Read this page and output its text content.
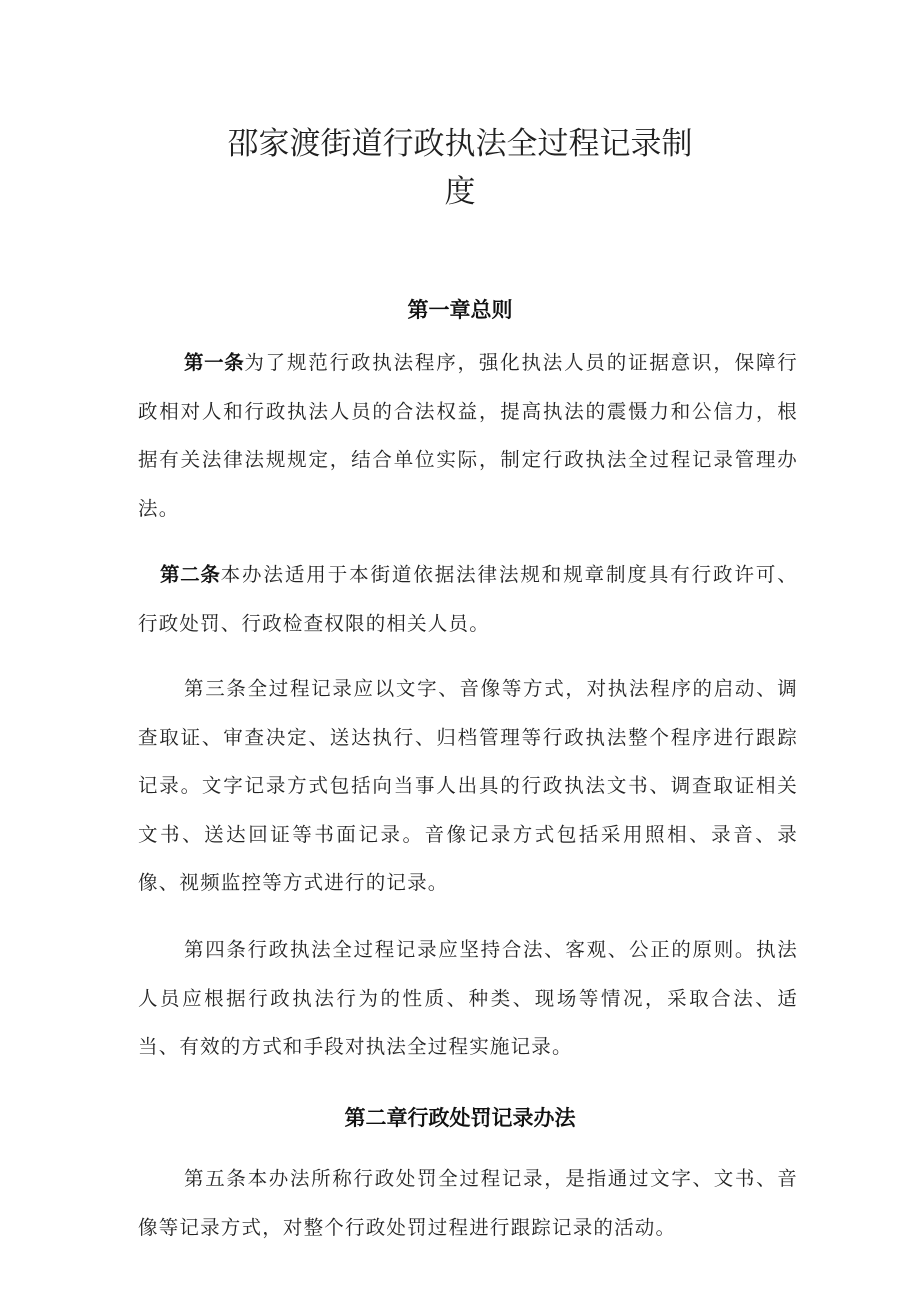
邵家渡街道行政执法全过程记录制
度
第一章总则

第一条为了规范行政执法程序，强化执法人员的证据意识，保障行政相对人和行政执法人员的合法权益，提高执法的震慑力和公信力，根据有关法律法规规定，结合单位实际，制定行政执法全过程记录管理办法。

第二条本办法适用于本街道依据法律法规和规章制度具有行政许可、行政处罚、行政检查权限的相关人员。

第三条全过程记录应以文字、音像等方式，对执法程序的启动、调查取证、审查决定、送达执行、归档管理等行政执法整个程序进行跟踪记录。文字记录方式包括向当事人出具的行政执法文书、调查取证相关文书、送达回证等书面记录。音像记录方式包括采用照相、录音、录像、视频监控等方式进行的记录。

第四条行政执法全过程记录应坚持合法、客观、公正的原则。执法人员应根据行政执法行为的性质、种类、现场等情况，采取合法、适当、有效的方式和手段对执法全过程实施记录。

第二章行政处罚记录办法

第五条本办法所称行政处罚全过程记录，是指通过文字、文书、音像等记录方式，对整个行政处罚过程进行跟踪记录的活动。
